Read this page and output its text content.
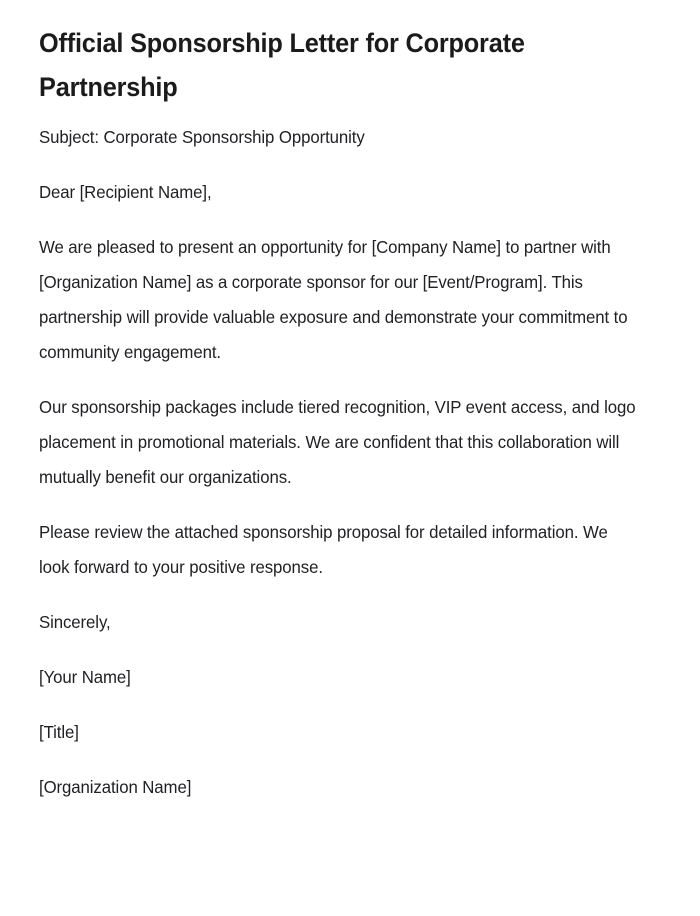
Official Sponsorship Letter for Corporate Partnership

Subject: Corporate Sponsorship Opportunity

Dear [Recipient Name],

We are pleased to present an opportunity for [Company Name] to partner with [Organization Name] as a corporate sponsor for our [Event/Program]. This partnership will provide valuable exposure and demonstrate your commitment to community engagement.

Our sponsorship packages include tiered recognition, VIP event access, and logo placement in promotional materials. We are confident that this collaboration will mutually benefit our organizations.

Please review the attached sponsorship proposal for detailed information. We look forward to your positive response.

Sincerely,

[Your Name]

[Title]

[Organization Name]
